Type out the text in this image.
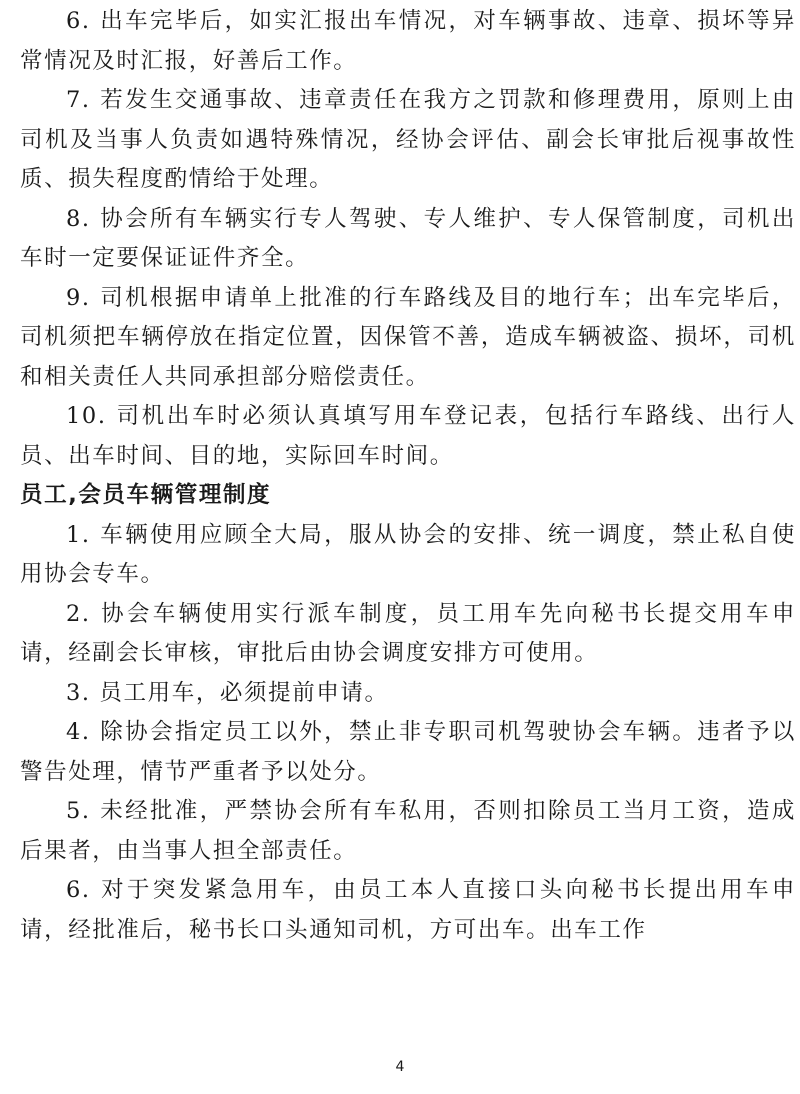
6. 出车完毕后，如实汇报出车情况，对车辆事故、违章、损坏等异常情况及时汇报，好善后工作。

7. 若发生交通事故、违章责任在我方之罚款和修理费用，原则上由司机及当事人负责如遇特殊情况，经协会评估、副会长审批后视事故性质、损失程度酌情给于处理。

8. 协会所有车辆实行专人驾驶、专人维护、专人保管制度，司机出车时一定要保证证件齐全。

9. 司机根据申请单上批准的行车路线及目的地行车；出车完毕后，司机须把车辆停放在指定位置，因保管不善，造成车辆被盗、损坏，司机和相关责任人共同承担部分赔偿责任。

10. 司机出车时必须认真填写用车登记表，包括行车路线、出行人员、出车时间、目的地，实际回车时间。

员工,会员车辆管理制度

1. 车辆使用应顾全大局，服从协会的安排、统一调度，禁止私自使用协会专车。

2. 协会车辆使用实行派车制度，员工用车先向秘书长提交用车申请，经副会长审核，审批后由协会调度安排方可使用。

3. 员工用车，必须提前申请。

4. 除协会指定员工以外，禁止非专职司机驾驶协会车辆。违者予以警告处理，情节严重者予以处分。

5. 未经批准，严禁协会所有车私用，否则扣除员工当月工资，造成后果者，由当事人担全部责任。

6. 对于突发紧急用车，由员工本人直接口头向秘书长提出用车申请，经批准后，秘书长口头通知司机，方可出车。出车工作

4
